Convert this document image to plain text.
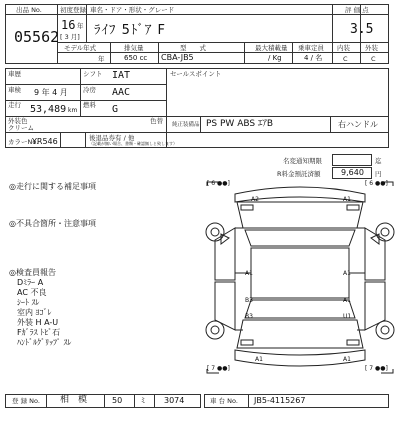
出品 No.
05562
初度登録
16 年
[ 3 月]
車名・ドア・形状・グレード
ﾗｲﾌ 5ﾄﾞｱ F
モデル年式
年
排気量
650 cc
型　　式
CBA-JB5
最大積載量
/ Kg
乗車定員
4 / 名
評 価 点
3.5
内装 外装
C	C
車歴	シフト IAT
車検 9 年 4 月 冷房 AAC
走行 53,489 km
燃料 G
外装色
クリーム
色替
セールスポイント
純正装備品 PS PW ABS ｴｱB	右ハンドル
カラーNo.
YR546	後退品券有 / 他
（記載が無い場合、書類・確認無しと致します）
名変通知期限	迄
R料金預託済額	9,640 円
◎走行に関する補足事項
◎不具合箇所・注意事項
◎検査員報告
Dﾐﾗｰ A
AC 不良
ｼｰﾄ ｽﾚ
室内 ﾖｺﾞﾚ
外装 H A-U
Fｶﾞﾗｽ ﾄﾋﾞ石
ﾊﾝﾄﾞﾙｸﾞﾘｯﾌﾟ ｽﾚ
[ 6 ●●]	[ 6 ●●]
[ 7 ●●]	[ 7 ●●]
A2	A1
A1	A1
B3	A1
B3	U1
A1	A1
登 録 No. 相　模	50 ﾐ 3074	車 台 No. JB5-4115267
